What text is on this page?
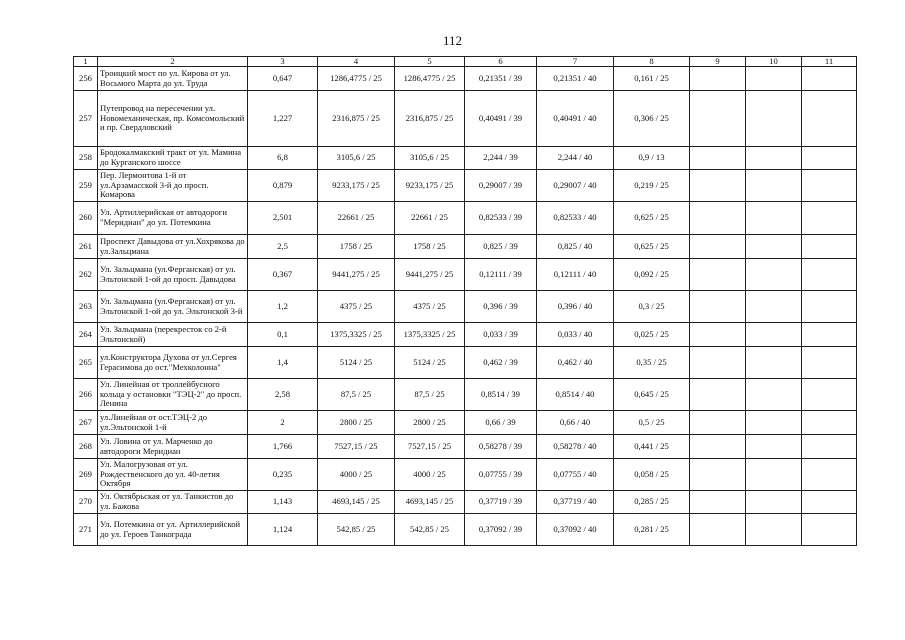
112
1	2	3	4	5	6	7	8	9	10	11
256	Троицкий мост по ул. Кирова от ул. Восьмого Марта до ул. Труда	0,647	1286,4775 / 25	1286,4775 / 25	0,21351 / 39	0,21351 / 40	0,161 / 25			
257	Путепровод на пересечении ул. Новомеханическая, пр. Комсомольский и пр. Свердловский	1,227	2316,875 / 25	2316,875 / 25	0,40491 / 39	0,40491 / 40	0,306 / 25			
258	Бродокалмакский тракт от ул. Мамина до Курганского шоссе	6,8	3105,6 / 25	3105,6 / 25	2,244 / 39	2,244 / 40	0,9 / 13			
259	Пер. Лермонтова 1-й от ул.Арзамасской 3-й до просп. Комарова	0,879	9233,175 / 25	9233,175 / 25	0,29007 / 39	0,29007 / 40	0,219 / 25			
260	Ул. Артиллерийская от автодороги "Меридиан" до ул. Потемкина	2,501	22661 / 25	22661 / 25	0,82533 / 39	0,82533 / 40	0,625 / 25			
261	Проспект Давыдова от ул.Хохрякова до ул.Зальцмана	2,5	1758 / 25	1758 / 25	0,825 / 39	0,825 / 40	0,625 / 25			
262	Ул. Зальцмана (ул.Ферганская) от ул. Эльтонской 1-ой до просп. Давыдова	0,367	9441,275 / 25	9441,275 / 25	0,12111 / 39	0,12111 / 40	0,092 / 25			
263	Ул. Зальцмана (ул.Ферганская) от ул. Эльтонской 1-ой до ул. Эльтонской 3-й	1,2	4375 / 25	4375 / 25	0,396 / 39	0,396 / 40	0,3 / 25			
264	Ул. Зальцмана (перекресток со 2-й Эльтонской)	0,1	1375,3325 / 25	1375,3325 / 25	0,033 / 39	0,033 / 40	0,025 / 25			
265	ул.Конструктора Духова от ул.Сергея Герасимова до ост."Мехколонна"	1,4	5124 / 25	5124 / 25	0,462 / 39	0,462 / 40	0,35 / 25			
266	Ул. Линейная от троллейбусного кольца у остановки "ТЭЦ-2" до просп. Ленина	2,58	87,5 / 25	87,5 / 25	0,8514 / 39	0,8514 / 40	0,645 / 25			
267	ул.Линейная от ост.ТЭЦ-2 до ул.Эльтонской 1-й	2	2800 / 25	2800 / 25	0,66 / 39	0,66 / 40	0,5 / 25			
268	Ул. Ловина от ул. Марченко до автодороги Меридиан	1,766	7527,15 / 25	7527,15 / 25	0,58278 / 39	0,58278 / 40	0,441 / 25			
269	Ул. Малогрузовая от ул. Рождественского до ул. 40-летия Октября	0,235	4000 / 25	4000 / 25	0,07755 / 39	0,07755 / 40	0,058 / 25			
270	Ул. Октябрьская от ул. Танкистов до ул. Бажова	1,143	4693,145 / 25	4693,145 / 25	0,37719 / 39	0,37719 / 40	0,285 / 25			
271	Ул. Потемкина от ул. Артиллерийской до ул. Героев Танкограда	1,124	542,85 / 25	542,85 / 25	0,37092 / 39	0,37092 / 40	0,281 / 25			
